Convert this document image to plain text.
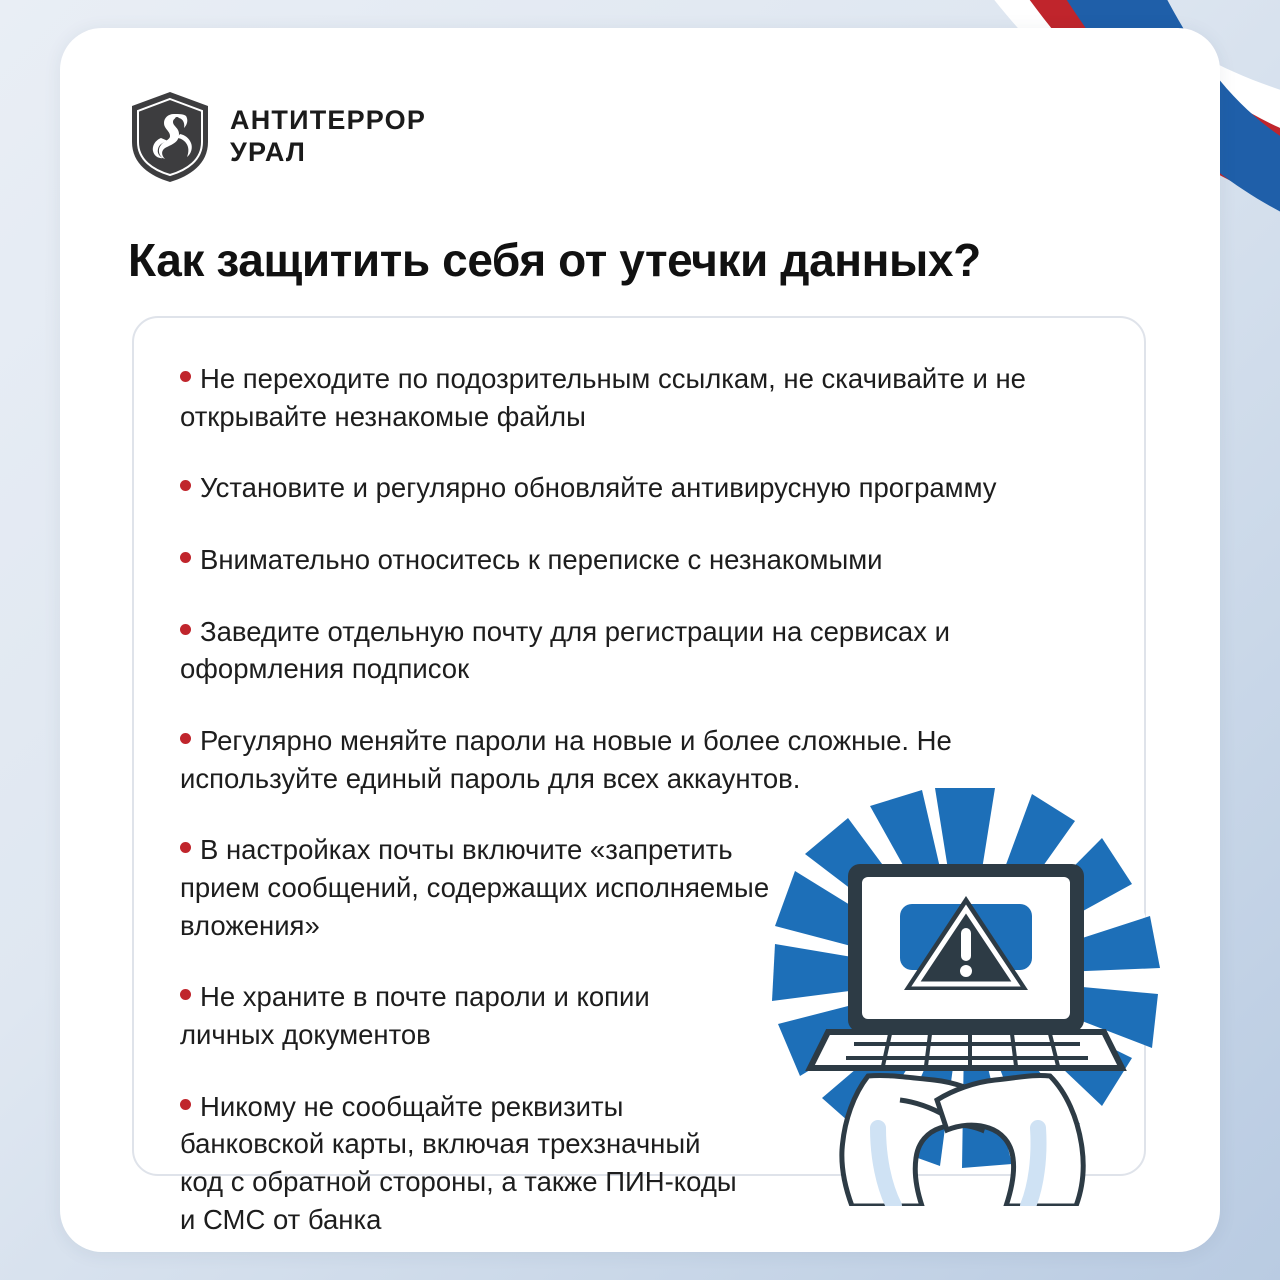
АНТИТЕРРОР
УРАЛ
Как защитить себя от утечки данных?

Не переходите по подозрительным ссылкам, не скачивайте и не открывайте незнакомые файлы

Установите и регулярно обновляйте антивирусную программу

Внимательно относитесь к переписке с незнакомыми

Заведите отдельную почту для регистрации на сервисах и оформления подписок

Регулярно меняйте пароли на новые и более сложные. Не используйте единый пароль для всех аккаунтов.

В настройках почты включите «запретить прием сообщений, содержащих исполняемые вложения»

Не храните в почте пароли и копии личных документов

Никому не сообщайте реквизиты банковской карты, включая трехзначный код с обратной стороны, а также ПИН-коды и СМС от банка
